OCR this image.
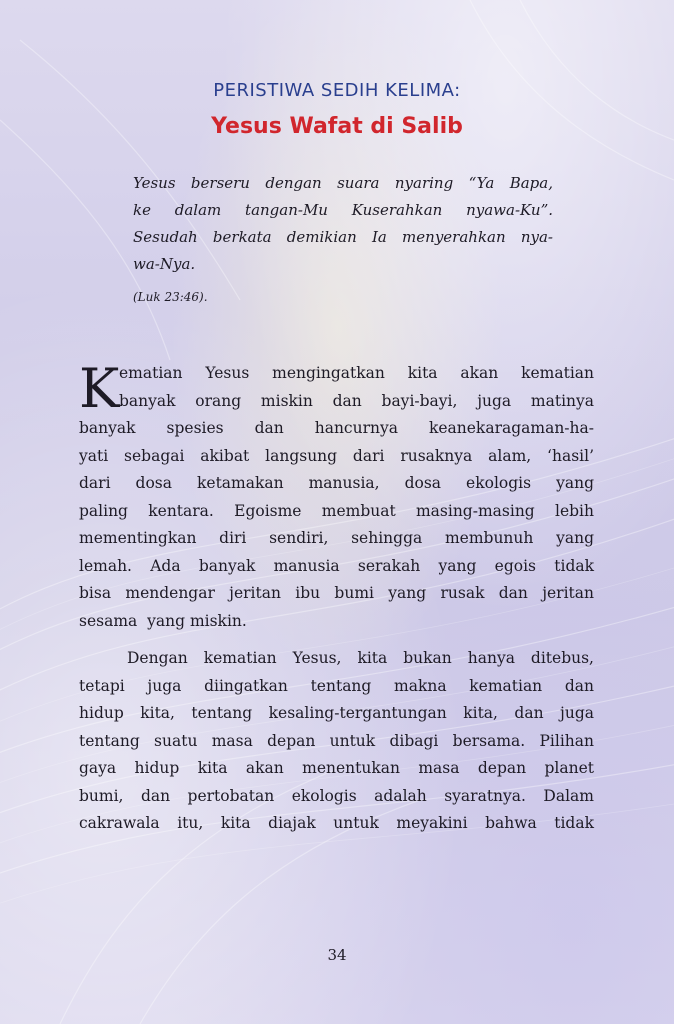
PERISTIWA SEDIH KELIMA:
Yesus Wafat di Salib
Yesus berseru dengan suara nyaring “Ya Bapa,
ke dalam tangan-Mu Kuserahkan nyawa-Ku”.
Sesudah berkata demikian Ia menyerahkan nya-
wa-Nya.
(Luk 23:46).
K ematian Yesus mengingatkan kita akan kematian
banyak orang miskin dan bayi-bayi, juga matinya
banyak spesies dan hancurnya keanekaragaman-ha-
yati sebagai akibat langsung dari rusaknya alam, ‘hasil’
dari dosa ketamakan manusia, dosa ekologis yang
paling kentara. Egoisme membuat masing-masing lebih
mementingkan diri sendiri, sehingga membunuh yang
lemah. Ada banyak manusia serakah yang egois tidak
bisa mendengar jeritan ibu bumi yang rusak dan jeritan
sesama  yang miskin.
Dengan kematian Yesus, kita bukan hanya ditebus,
tetapi juga diingatkan tentang makna kematian dan
hidup kita, tentang kesaling-tergantungan kita, dan juga
tentang suatu masa depan untuk dibagi bersama. Pilihan
gaya hidup kita akan menentukan masa depan planet
bumi, dan pertobatan ekologis adalah syaratnya. Dalam
cakrawala itu, kita diajak untuk meyakini bahwa tidak
34
